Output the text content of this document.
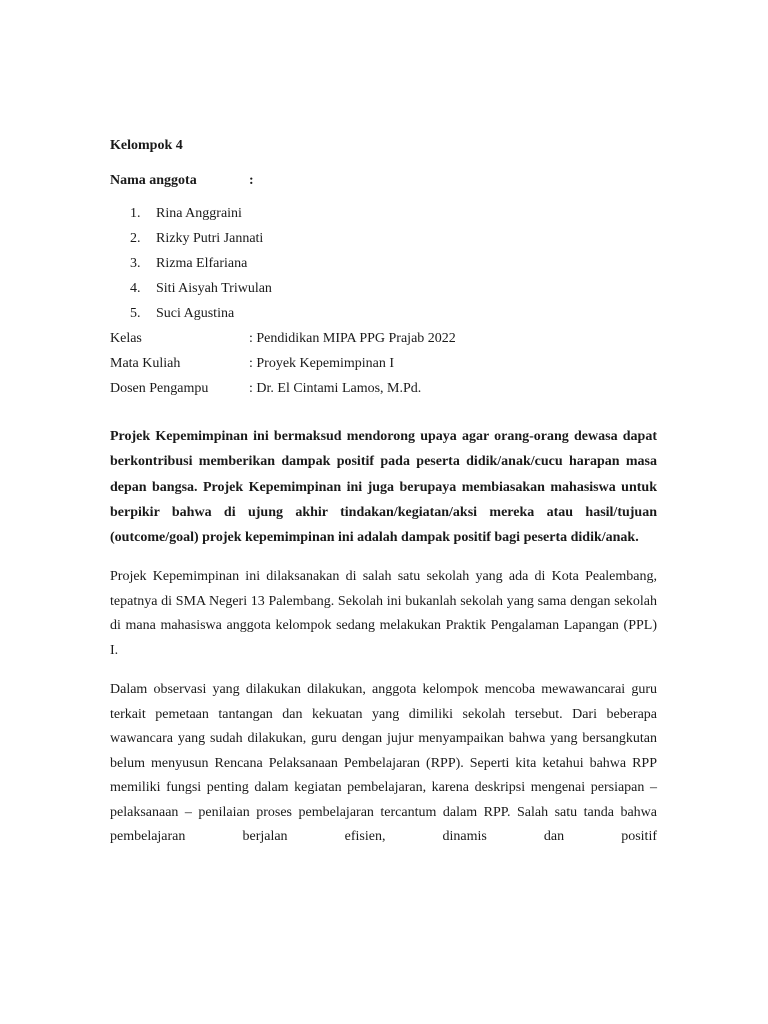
Kelompok 4

Nama anggota	:
1.	Rina Anggraini
2.	Rizky Putri Jannati
3.	Rizma Elfariana
4.	Siti Aisyah Triwulan
5.	Suci Agustina
Kelas	: Pendidikan MIPA PPG Prajab 2022
Mata Kuliah	: Proyek Kepemimpinan I
Dosen Pengampu	: Dr. El Cintami Lamos, M.Pd.

Projek Kepemimpinan ini bermaksud mendorong upaya agar orang-orang dewasa dapat berkontribusi memberikan dampak positif pada peserta didik/anak/cucu harapan masa depan bangsa. Projek Kepemimpinan ini juga berupaya membiasakan mahasiswa untuk berpikir bahwa di ujung akhir tindakan/kegiatan/aksi mereka atau hasil/tujuan (outcome/goal) projek kepemimpinan ini adalah dampak positif bagi peserta didik/anak.

Projek Kepemimpinan ini dilaksanakan di salah satu sekolah yang ada di Kota Pealembang, tepatnya di SMA Negeri 13 Palembang. Sekolah ini bukanlah sekolah yang sama dengan sekolah di mana mahasiswa anggota kelompok sedang melakukan Praktik Pengalaman Lapangan (PPL) I.

Dalam observasi yang dilakukan dilakukan, anggota kelompok mencoba mewawancarai guru terkait pemetaan tantangan dan kekuatan yang dimiliki sekolah tersebut. Dari beberapa wawancara yang sudah dilakukan, guru dengan jujur menyampaikan bahwa yang bersangkutan belum menyusun Rencana Pelaksanaan Pembelajaran (RPP). Seperti kita ketahui bahwa RPP memiliki fungsi penting dalam kegiatan pembelajaran, karena deskripsi mengenai persiapan – pelaksanaan – penilaian proses pembelajaran tercantum dalam RPP. Salah satu tanda bahwa pembelajaran berjalan efisien, dinamis dan positif
